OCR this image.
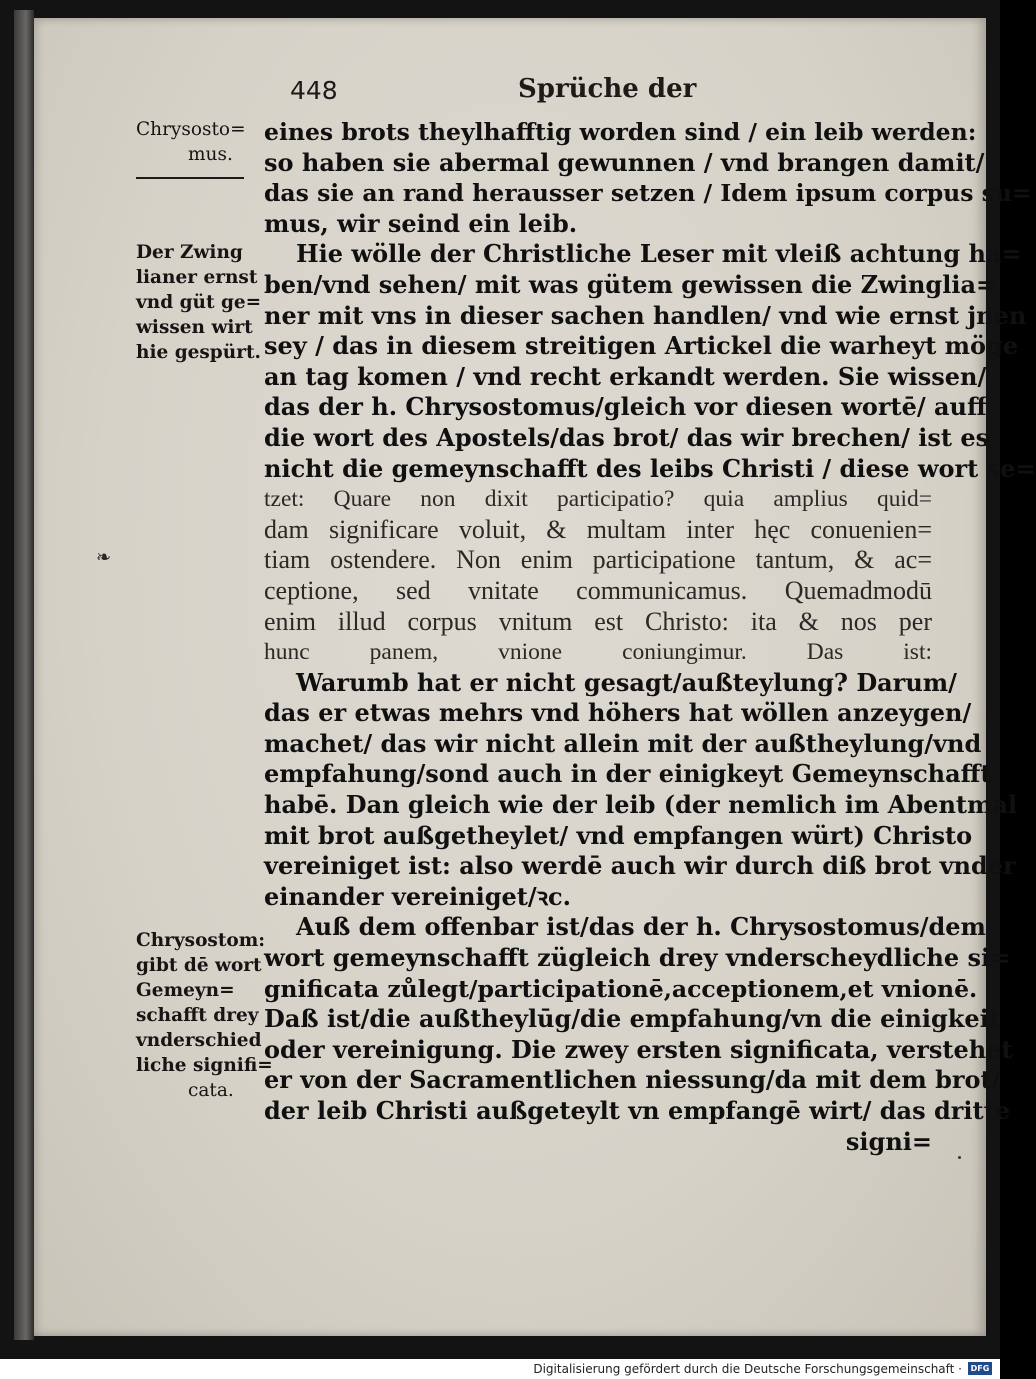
448	Sprüche der
Chrysosto=
mus.
Der Zwing
lianer ernst
vnd güt ge=
wissen wirt
hie gespürt.
Chrysostom:
gibt dē wort
Gemeyn=
schafft drey
vnderschied
liche signifi=
cata.
❧
eines brots theylhafftig worden sind / ein leib werden:
so haben sie abermal gewunnen / vnd brangen damit/
das sie an rand herausser setzen / Idem ipsum corpus su=
mus, wir seind ein leib.
Hie wölle der Christliche Leser mit vleiß achtung ha=
ben/vnd sehen/ mit was gütem gewissen die Zwinglia=
ner mit vns in dieser sachen handlen/ vnd wie ernst jnen
sey / das in diesem streitigen Artickel die warheyt möge
an tag komen / vnd recht erkandt werden. Sie wissen/
das der h. Chrysostomus/gleich vor diesen wortē/ auff
die wort des Apostels/das brot/ das wir brechen/ ist es
nicht die gemeynschafft des leibs Christi / diese wort se=
tzet: Quare non dixit participatio? quia amplius quid=
dam significare voluit, & multam inter hęc conuenien=
tiam ostendere. Non enim participatione tantum, & ac=
ceptione, sed vnitate communicamus. Quemadmodū
enim illud corpus vnitum est Christo: ita & nos per
hunc panem, vnione coniungimur. Das ist:
Warumb hat er nicht gesagt/außteylung? Darum/
das er etwas mehrs vnd höhers hat wöllen anzeygen/
machet/ das wir nicht allein mit der außtheylung/vnd
empfahung/sond auch in der einigkeyt Gemeynschafft
habē. Dan gleich wie der leib (der nemlich im Abentmal
mit brot außgetheylet/ vnd empfangen würt) Christo
vereiniget ist: also werdē auch wir durch diß brot vnder
einander vereiniget/ꝛc.
Auß dem offenbar ist/das der h. Chrysostomus/dem
wort gemeynschafft zügleich drey vnderscheydliche si=
gnificata zůlegt/participationē,acceptionem,et vnionē.
Daß ist/die außtheylūg/die empfahung/vn die einigkeit
oder vereinigung. Die zwey ersten significata, verstehet
er von der Sacramentlichen niessung/da mit dem brot/
der leib Christi außgeteylt vn empfangē wirt/ das dritte
signi=
Digitalisierung gefördert durch die Deutsche Forschungsgemeinschaft ·	DFG
